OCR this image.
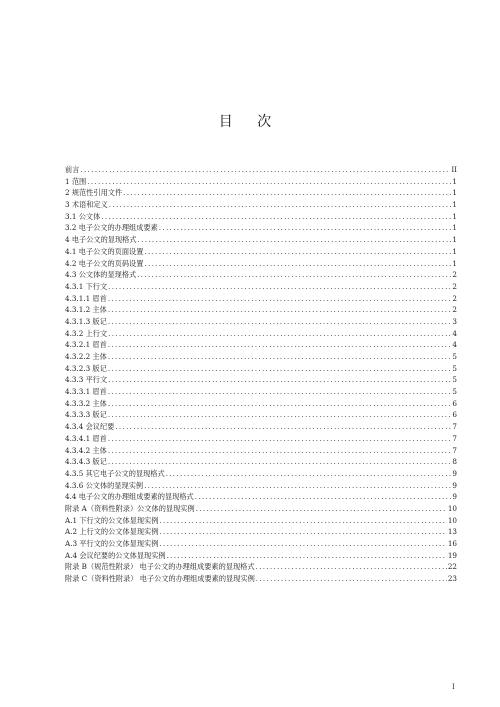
目 次
前言 .....	II
1 范围 .....	1
2 规范性引用文件 .....	1
3 术语和定义 .....	1
3.1 公文体 .....	1
3.2 电子公文的办理组成要素 .....	1
4 电子公文的显现格式 .....	1
4.1 电子公文的页面设置 .....	1
4.2 电子公文的页码设置 .....	1
4.3 公文体的显现格式 .....	2
4.3.1 下行文 .....	2
4.3.1.1 眉首 .....	2
4.3.1.2 主体 .....	2
4.3.1.3 版记 .....	3
4.3.2 上行文 .....	4
4.3.2.1 眉首 .....	4
4.3.2.2 主体 .....	5
4.3.2.3 版记 .....	5
4.3.3 平行文 .....	5
4.3.3.1 眉首 .....	5
4.3.3.2 主体 .....	6
4.3.3.3 版记 .....	6
4.3.4 会议纪要 .....	7
4.3.4.1 眉首 .....	7
4.3.4.2 主体 .....	7
4.3.4.3 版记 .....	8
4.3.5 其它电子公文的显现格式 .....	9
4.3.6 公文体的显现实例 .....	9
4.4 电子公文的办理组成要素的显现格式 .....	9
附录 A（资料性附录）公文体的显现实例 .....	10
A.1 下行文的公文体显现实例 .....	10
A.2 上行文的公文体显现实例 .....	13
A.3 平行文的公文体显现实例 .....	16
A.4 会议纪要的公文体显现实例 .....	19
附录 B（规范性附录） 电子公文的办理组成要素的显现格式 .....	22
附录 C（资料性附录） 电子公文的办理组成要素的显现实例 .....	23
I
